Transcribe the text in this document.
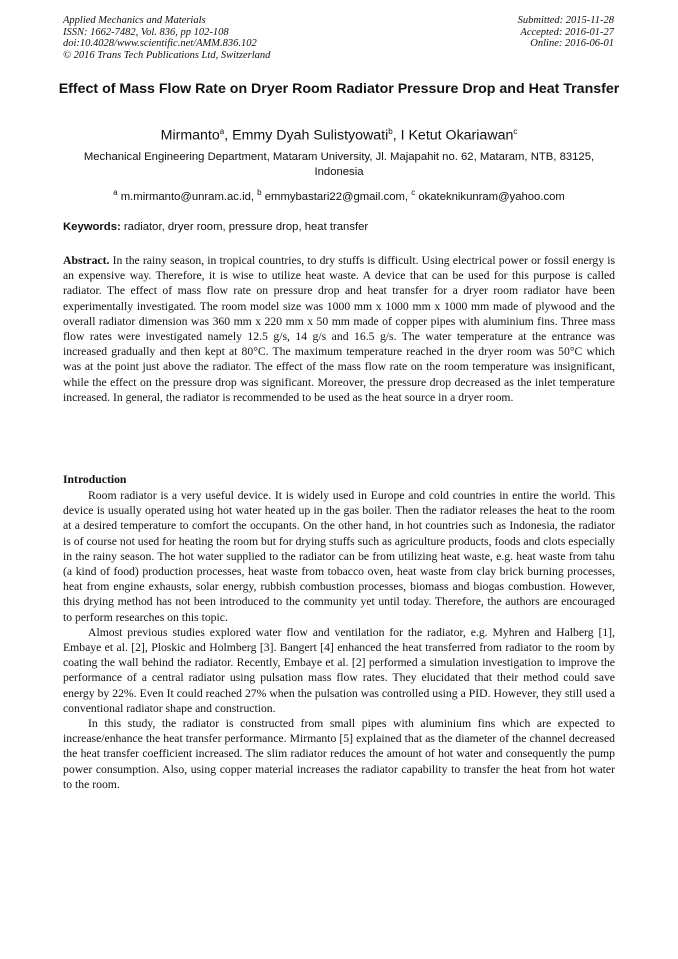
Applied Mechanics and Materials
ISSN: 1662-7482, Vol. 836, pp 102-108
doi:10.4028/www.scientific.net/AMM.836.102
© 2016 Trans Tech Publications Ltd, Switzerland
Submitted: 2015-11-28
Accepted: 2016-01-27
Online: 2016-06-01
Effect of Mass Flow Rate on Dryer Room Radiator Pressure Drop and Heat Transfer
Mirmanto$^a$, Emmy Dyah Sulistyowati$^b$, I Ketut Okariawan$^c$
Mechanical Engineering Department, Mataram University, Jl. Majapahit no. 62, Mataram, NTB, 83125, Indonesia
$^a$ m.mirmanto@unram.ac.id, $^b$ emmybastari22@gmail.com, $^c$ okateknikunram@yahoo.com
Keywords: radiator, dryer room, pressure drop, heat transfer
Abstract. In the rainy season, in tropical countries, to dry stuffs is difficult. Using electrical power or fossil energy is an expensive way. Therefore, it is wise to utilize heat waste. A device that can be used for this purpose is called radiator. The effect of mass flow rate on pressure drop and heat transfer for a dryer room radiator have been experimentally investigated. The room model size was 1000 mm x 1000 mm x 1000 mm made of plywood and the overall radiator dimension was 360 mm x 220 mm x 50 mm made of copper pipes with aluminium fins. Three mass flow rates were investigated namely 12.5 g/s, 14 g/s and 16.5 g/s. The water temperature at the entrance was increased gradually and then kept at 80°C. The maximum temperature reached in the dryer room was 50°C which was at the point just above the radiator. The effect of the mass flow rate on the room temperature was insignificant, while the effect on the pressure drop was significant. Moreover, the pressure drop decreased as the inlet temperature increased. In general, the radiator is recommended to be used as the heat source in a dryer room.
Introduction

Room radiator is a very useful device. It is widely used in Europe and cold countries in entire the world. This device is usually operated using hot water heated up in the gas boiler. Then the radiator releases the heat to the room at a desired temperature to comfort the occupants. On the other hand, in hot countries such as Indonesia, the radiator is of course not used for heating the room but for drying stuffs such as agriculture products, foods and clots especially in the rainy season. The hot water supplied to the radiator can be from utilizing heat waste, e.g. heat waste from tahu (a kind of food) production processes, heat waste from tobacco oven, heat waste from clay brick burning processes, heat from engine exhausts, solar energy, rubbish combustion processes, biomass and biogas combustion. However, this drying method has not been introduced to the community yet until today. Therefore, the authors are encouraged to perform researches on this topic.

Almost previous studies explored water flow and ventilation for the radiator, e.g. Myhren and Halberg [1], Embaye et al. [2], Ploskic and Holmberg [3]. Bangert [4] enhanced the heat transferred from radiator to the room by coating the wall behind the radiator. Recently, Embaye et al. [2] performed a simulation investigation to improve the performance of a central radiator using pulsation mass flow rates. They elucidated that their method could save energy by 22%. Even It could reached 27% when the pulsation was controlled using a PID. However, they still used a conventional radiator shape and construction.

In this study, the radiator is constructed from small pipes with aluminium fins which are expected to increase/enhance the heat transfer performance. Mirmanto [5] explained that as the diameter of the channel decreased the heat transfer coefficient increased. The slim radiator reduces the amount of hot water and consequently the pump power consumption. Also, using copper material increases the radiator capability to transfer the heat from hot water to the room.
